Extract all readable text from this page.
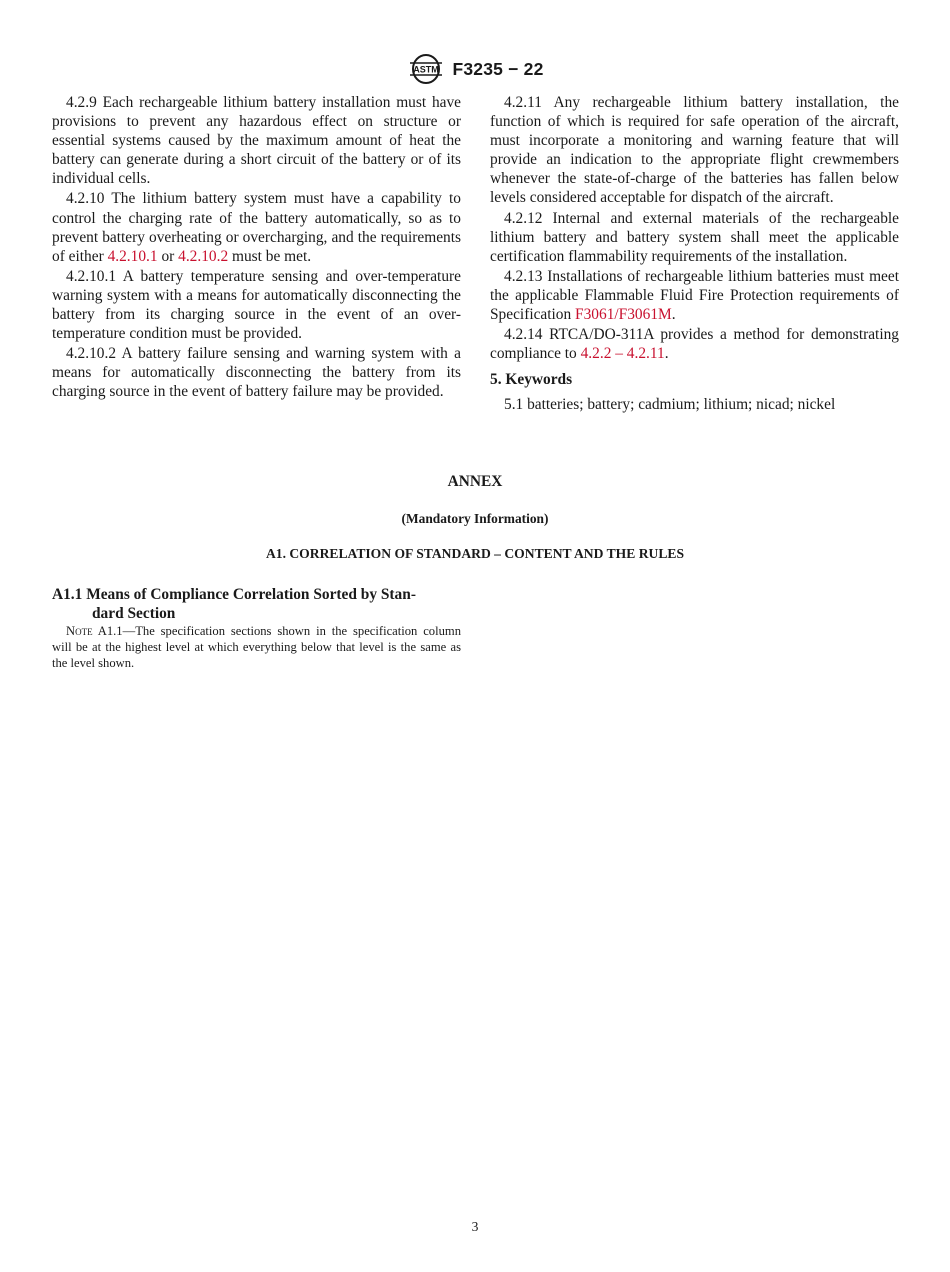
ASTM F3235 − 22

4.2.9 Each rechargeable lithium battery installation must have provisions to prevent any hazardous effect on structure or essential systems caused by the maximum amount of heat the battery can generate during a short circuit of the battery or of its individual cells.

4.2.10 The lithium battery system must have a capability to control the charging rate of the battery automatically, so as to prevent battery overheating or overcharging, and the requirements of either 4.2.10.1 or 4.2.10.2 must be met.

4.2.10.1 A battery temperature sensing and over-temperature warning system with a means for automatically disconnecting the battery from its charging source in the event of an over-temperature condition must be provided.

4.2.10.2 A battery failure sensing and warning system with a means for automatically disconnecting the battery from its charging source in the event of battery failure may be provided.

4.2.11 Any rechargeable lithium battery installation, the function of which is required for safe operation of the aircraft, must incorporate a monitoring and warning feature that will provide an indication to the appropriate flight crewmembers whenever the state-of-charge of the batteries has fallen below levels considered acceptable for dispatch of the aircraft.

4.2.12 Internal and external materials of the rechargeable lithium battery and battery system shall meet the applicable certification flammability requirements of the installation.

4.2.13 Installations of rechargeable lithium batteries must meet the applicable Flammable Fluid Fire Protection requirements of Specification F3061/F3061M.

4.2.14 RTCA/DO-311A provides a method for demonstrating compliance to 4.2.2 – 4.2.11.

5. Keywords

5.1 batteries; battery; cadmium; lithium; nicad; nickel

ANNEX
(Mandatory Information)
A1. CORRELATION OF STANDARD – CONTENT AND THE RULES
A1.1 Means of Compliance Correlation Sorted by Stan-
dard Section
Note A1.1—The specification sections shown in the specification column will be at the highest level at which everything below that level is the same as the level shown.
3
